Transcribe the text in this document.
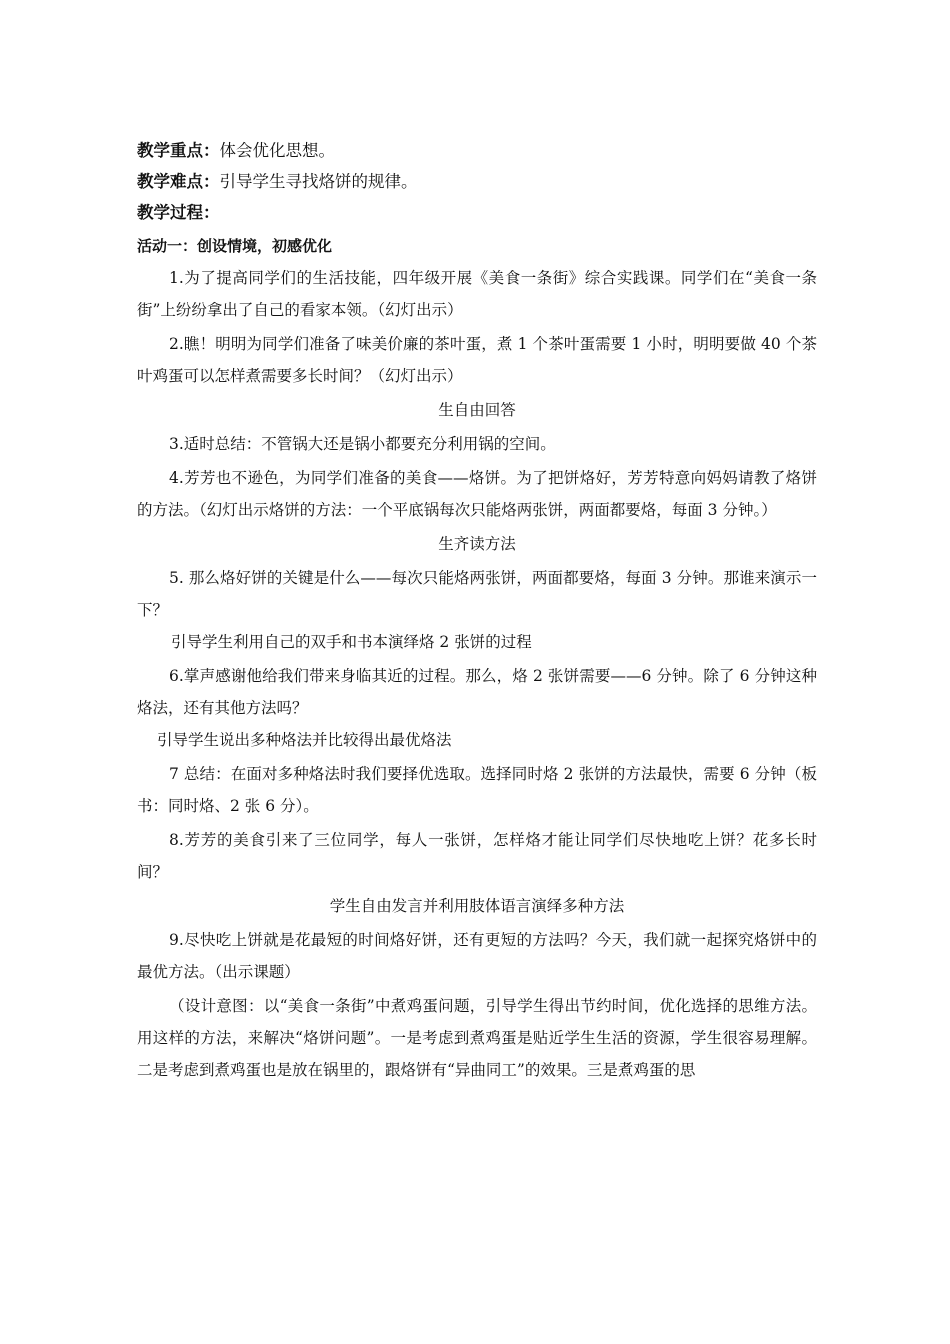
教学重点：体会优化思想。

教学难点：引导学生寻找烙饼的规律。

教学过程：

活动一：创设情境，初感优化

1.为了提高同学们的生活技能，四年级开展《美食一条街》综合实践课。同学们在“美食一条街”上纷纷拿出了自己的看家本领。（幻灯出示）

2.瞧！明明为同学们准备了味美价廉的茶叶蛋，煮 1 个茶叶蛋需要 1 小时，明明要做 40 个茶叶鸡蛋可以怎样煮需要多长时间？（幻灯出示）

生自由回答

3.适时总结：不管锅大还是锅小都要充分利用锅的空间。

4.芳芳也不逊色，为同学们准备的美食——烙饼。为了把饼烙好，芳芳特意向妈妈请教了烙饼的方法。（幻灯出示烙饼的方法：一个平底锅每次只能烙两张饼，两面都要烙，每面 3 分钟。）

生齐读方法

5. 那么烙好饼的关键是什么——每次只能烙两张饼，两面都要烙，每面 3 分钟。那谁来演示一下？

引导学生利用自己的双手和书本演绎烙 2 张饼的过程

6.掌声感谢他给我们带来身临其近的过程。那么，烙 2 张饼需要——6 分钟。除了 6 分钟这种烙法，还有其他方法吗？

引导学生说出多种烙法并比较得出最优烙法

7 总结：在面对多种烙法时我们要择优选取。选择同时烙 2 张饼的方法最快，需要 6 分钟（板书：同时烙、2 张 6 分）。

8.芳芳的美食引来了三位同学，每人一张饼，怎样烙才能让同学们尽快地吃上饼？花多长时间？

学生自由发言并利用肢体语言演绎多种方法

9.尽快吃上饼就是花最短的时间烙好饼，还有更短的方法吗？今天，我们就一起探究烙饼中的最优方法。（出示课题）

（设计意图：以“美食一条街”中煮鸡蛋问题，引导学生得出节约时间，优化选择的思维方法。用这样的方法，来解决“烙饼问题”。一是考虑到煮鸡蛋是贴近学生生活的资源，学生很容易理解。二是考虑到煮鸡蛋也是放在锅里的，跟烙饼有“异曲同工”的效果。三是煮鸡蛋的思
